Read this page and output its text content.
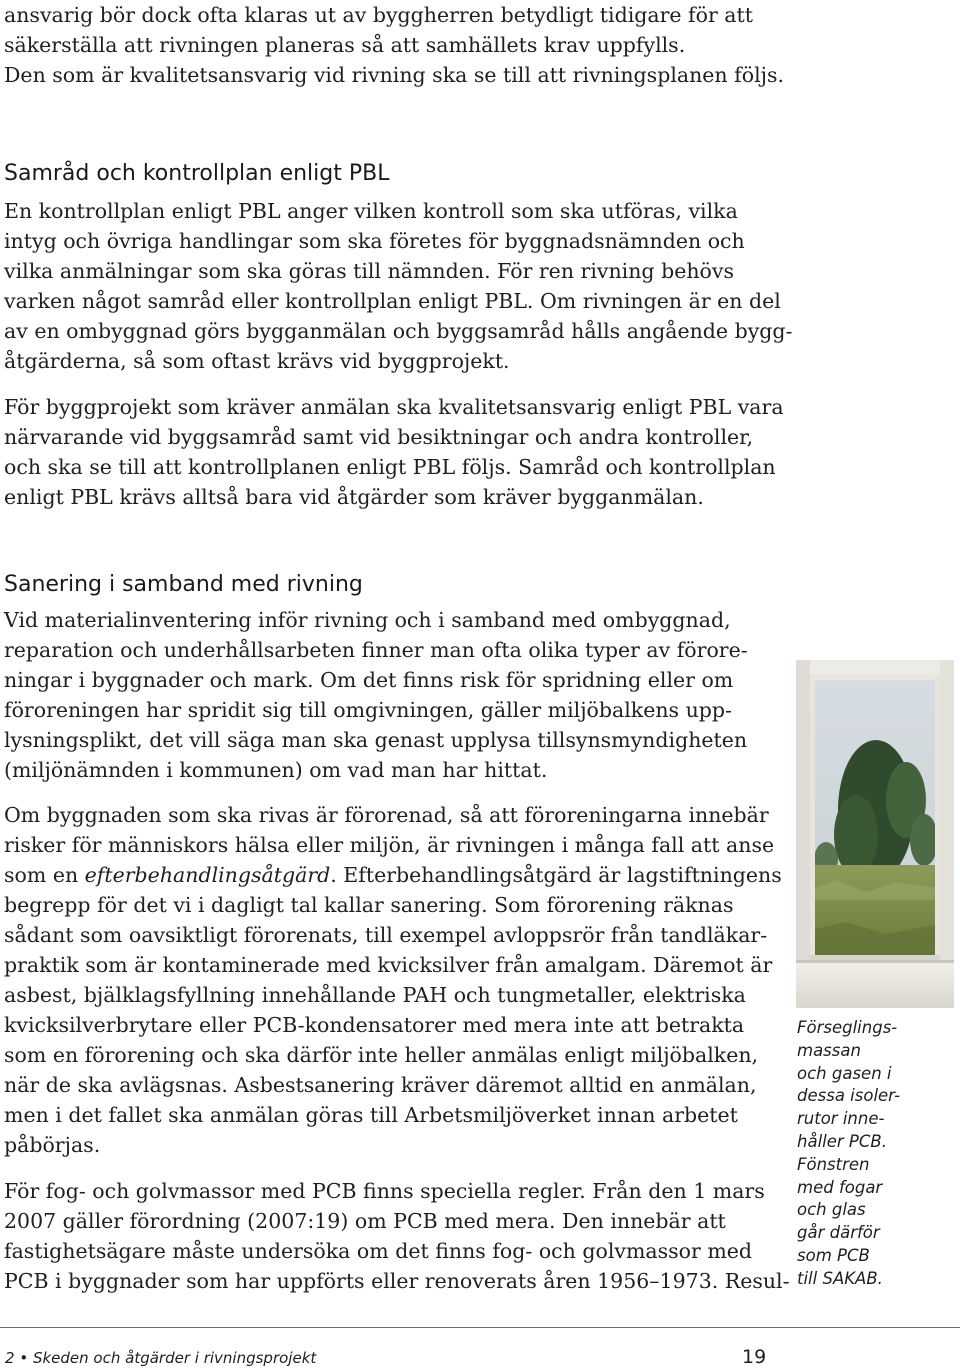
ansvarig bör dock ofta klaras ut av byggherren betydligt tidigare för att
säkerställa att rivningen planeras så att samhällets krav uppfylls.
Den som är kvalitetsansvarig vid rivning ska se till att rivningsplanen följs.

Samråd och kontrollplan enligt PBL

En kontrollplan enligt PBL anger vilken kontroll som ska utföras, vilka
intyg och övriga handlingar som ska företes för byggnadsnämnden och
vilka anmälningar som ska göras till nämnden. För ren rivning behövs
varken något samråd eller kontrollplan enligt PBL. Om rivningen är en del
av en ombyggnad görs bygganmälan och byggsamråd hålls angående bygg-
åtgärderna, så som oftast krävs vid byggprojekt.

För byggprojekt som kräver anmälan ska kvalitetsansvarig enligt PBL vara
närvarande vid byggsamråd samt vid besiktningar och andra kontroller,
och ska se till att kontrollplanen enligt PBL följs. Samråd och kontrollplan
enligt PBL krävs alltså bara vid åtgärder som kräver bygganmälan.

Sanering i samband med rivning

Vid materialinventering inför rivning och i samband med ombyggnad,
reparation och underhållsarbeten finner man ofta olika typer av förore-
ningar i byggnader och mark. Om det finns risk för spridning eller om
föroreningen har spridit sig till omgivningen, gäller miljöbalkens upp-
lysningsplikt, det vill säga man ska genast upplysa tillsynsmyndigheten
(miljönämnden i kommunen) om vad man har hittat.

Om byggnaden som ska rivas är förorenad, så att föroreningarna innebär
risker för människors hälsa eller miljön, är rivningen i många fall att anse
som en efterbehandlingsåtgärd. Efterbehandlingsåtgärd är lagstiftningens
begrepp för det vi i dagligt tal kallar sanering. Som förorening räknas
sådant som oavsiktligt förorenats, till exempel avloppsrör från tandläkar-
praktik som är kontaminerade med kvicksilver från amalgam. Däremot är
asbest, bjälklagsfyllning innehållande PAH och tungmetaller, elektriska
kvicksilverbrytare eller PCB-kondensatorer med mera inte att betrakta
som en förorening och ska därför inte heller anmälas enligt miljöbalken,
när de ska avlägsnas. Asbestsanering kräver däremot alltid en anmälan,
men i det fallet ska anmälan göras till Arbetsmiljöverket innan arbetet
påbörjas.

För fog- och golvmassor med PCB finns speciella regler. Från den 1 mars
2007 gäller förordning (2007:19) om PCB med mera. Den innebär att
fastighetsägare måste undersöka om det finns fog- och golvmassor med
PCB i byggnader som har uppförts eller renoverats åren 1956–1973. Resul-

Förseglings-
massan
och gasen i
dessa isoler-
rutor inne-
håller PCB.
Fönstren
med fogar
och glas
går därför
som PCB
till SAKAB.

2 • Skeden och åtgärder i rivningsprojekt	19
